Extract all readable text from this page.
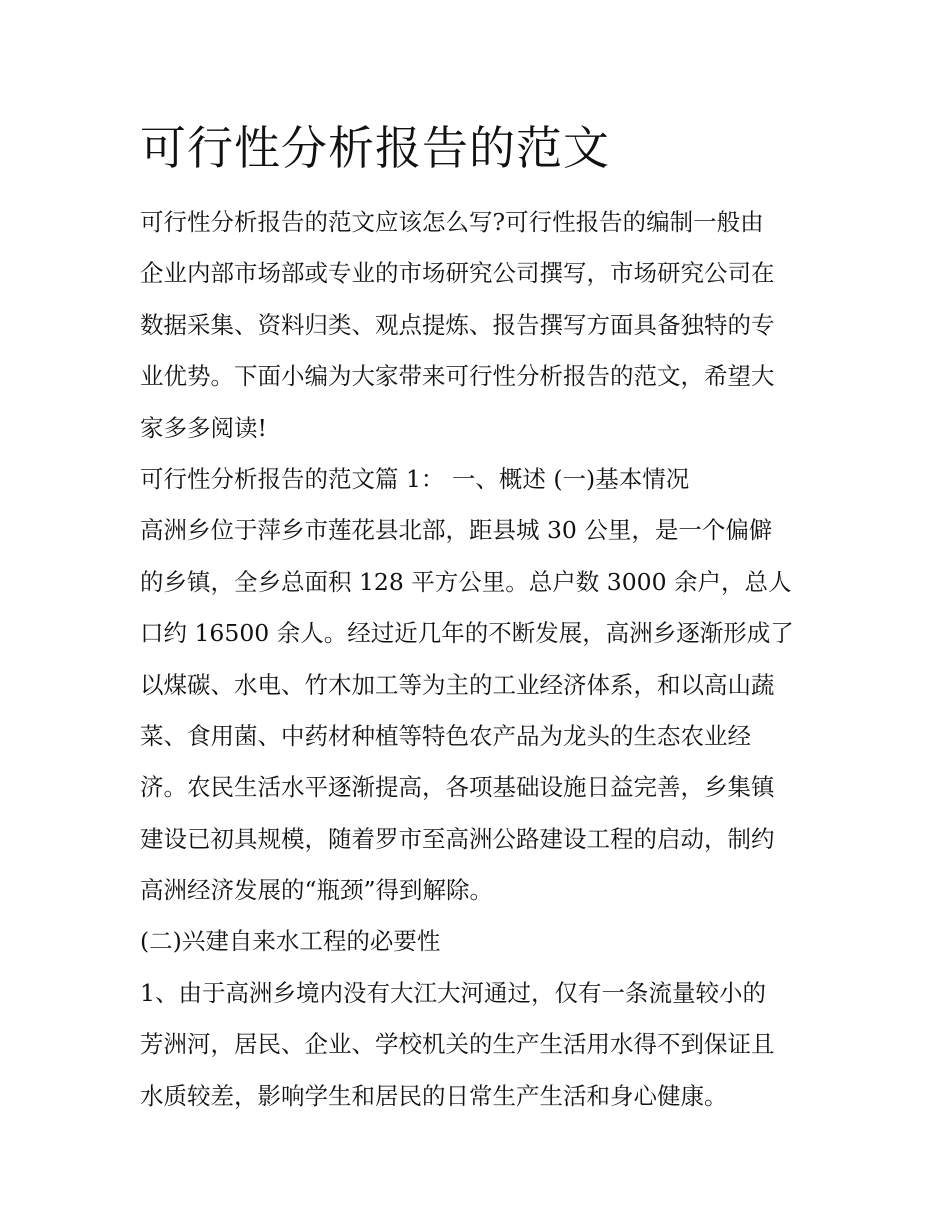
可行性分析报告的范文
可行性分析报告的范文应该怎么写?可行性报告的编制一般由
企业内部市场部或专业的市场研究公司撰写，市场研究公司在
数据采集、资料归类、观点提炼、报告撰写方面具备独特的专
业优势。下面小编为大家带来可行性分析报告的范文，希望大
家多多阅读!
可行性分析报告的范文篇 1： 一、概述 (一)基本情况
高洲乡位于萍乡市莲花县北部，距县城 30 公里，是一个偏僻
的乡镇，全乡总面积 128 平方公里。总户数 3000 余户，总人
口约 16500 余人。经过近几年的不断发展，高洲乡逐渐形成了
以煤碳、水电、竹木加工等为主的工业经济体系，和以高山蔬
菜、食用菌、中药材种植等特色农产品为龙头的生态农业经
济。农民生活水平逐渐提高，各项基础设施日益完善，乡集镇
建设已初具规模，随着罗市至高洲公路建设工程的启动，制约
高洲经济发展的“瓶颈”得到解除。
(二)兴建自来水工程的必要性
1、由于高洲乡境内没有大江大河通过，仅有一条流量较小的
芳洲河，居民、企业、学校机关的生产生活用水得不到保证且
水质较差，影响学生和居民的日常生产生活和身心健康。
